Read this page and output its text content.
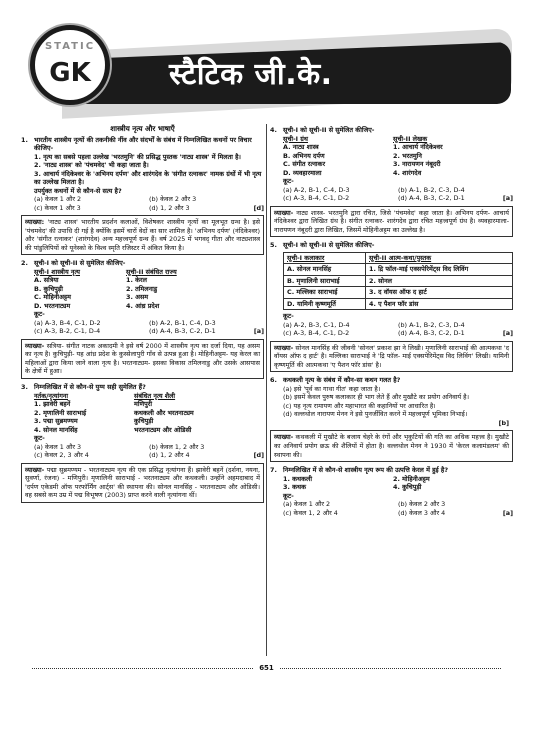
स्टैटिक जी.के.
STATIC
GK
शास्त्रीय नृत्य और भाषाएँ
1. भारतीय शास्त्रीय नृत्यों की तकनीकी नींव और संदर्भों के संबंध में निम्नलिखित कथनों पर विचार कीजिए-
1. नृत्य का सबसे पहला उल्लेख 'भरतमुनि' की प्रसिद्ध पुस्तक 'नाट्य शास्त्र' में मिलता है।
2. 'नाट्य शास्त्र' को 'पंचमवेद' भी कहा जाता है।
3. आचार्य नंदिकेश्वर के 'अभिनय दर्पण' और शारंगदेव के 'संगीत रत्नाकर' नामक ग्रंथों में भी नृत्य का उल्लेख मिलता है।
उपर्युक्त कथनों में से कौन-से सत्य है?
(a) केवल 1 और 2	(b) केवल 2 और 3
(c) केवल 1 और 3	(d) 1, 2 और 3	[d]
व्याख्या: 'नाट्य शास्त्र' भारतीय प्रदर्शन कलाओं, विशेषकर शास्त्रीय नृत्यों का मूलभूत ग्रन्थ है। इसे 'पंचमवेद' की उपाधि दी गई है क्योंकि इसमें चारों वेदों का सार शामिल है। 'अभिनय दर्पण' (नंदिकेश्वर) और 'संगीत रत्नाकर' (शारंगदेव) अन्य महत्त्वपूर्ण ग्रन्थ हैं। वर्ष 2025 में भगवद् गीता और नाट्यशास्त्र की पांडुलिपियों को यूनेस्को के विश्व स्मृति रजिस्टर में अंकित किया है।
2. सूची-I को सूची-II से सुमेलित कीजिए-
सूची-I शास्त्रीय नृत्य	सूची-II संबंधित राज्य
A. सत्रिया	1. केरल
B. कुचिपुड़ी	2. तमिलनाडु
C. मोहिनीअट्टम	3. असम
D. भरतनाट्यम	4. आंध्र प्रदेश
कूट-
(a) A-3, B-4, C-1, D-2	(b) A-2, B-1, C-4, D-3
(c) A-3, B-2, C-1, D-4	(d) A-4, B-3, C-2, D-1	[a]
व्याख्या- सत्रिया- संगीत नाटक अकादमी ने इसे वर्ष 2000 में शास्त्रीय नृत्य का दर्जा दिया, यह असम का नृत्य है। कुचिपुड़ी- यह आंध्र प्रदेश के कुस्सेलापुरी गाँव से उत्पन्न हुआ है। मोहिनीअट्टम- यह केरल का महिलाओं द्वारा किया जाने वाला नृत्य है। भरतनाट्यम- इसका विकास तमिलनाडु और उसके आसपास के क्षेत्रों में हुआ।
3. निम्नलिखित में से कौन-से युग्म सही सुमेलित हैं?
नर्तक/नृत्यांगना	संबंधित नृत्य शैली
1. झावेरी बहनें	मणिपुरी
2. मृणालिनी साराभाई	कथकली और भरतनाट्यम
3. पद्मा सुब्रमण्यम	कुचिपुड़ी
4. सोनल मानसिंह	भरतनाट्यम और ओडिसी
कूट-
(a) केवल 1 और 3	(b) केवल 1, 2 और 3
(c) केवल 2, 3 और 4	(d) 1, 2 और 4	[d]
व्याख्या- पद्मा सुब्रमण्यम - भरतनाट्यम नृत्य की एक प्रसिद्ध नृत्यांगना हैं। झावेरी बहनें (दर्शना, नयना, सुवर्णा, रंजना) - मणिपुरी। मृणालिनी साराभाई - भरतनाट्यम और कथकली। उन्होंने अहमदाबाद में 'दर्पण एकेडमी ऑफ परफॉर्मिंग आर्ट्स' की स्थापना की। सोनल मानसिंह - भरतनाट्यम और ओडिसी। वह सबसे कम उम्र में पद्म विभूषण (2003) प्राप्त करने वाली नृत्यांगना थीं।
4. सूची-I को सूची-II से सुमेलित कीजिए-
सूची-I ग्रंथ	सूची-II लेखक
A. नाट्य शास्त्र	1. आचार्य नंदिकेश्वर
B. अभिनय दर्पण	2. भरतमुनि
C. संगीत रत्नाकर	3. नारायणन नंबूदरी
D. व्यवहारमाला	4. शारंगदेव
कूट-
(a) A-2, B-1, C-4, D-3	(b) A-1, B-2, C-3, D-4
(c) A-3, B-4, C-1, D-2	(d) A-4, B-3, C-2, D-1	[a]
व्याख्या- नाट्य शास्त्र- भरतमुनि द्वारा रचित, जिसे 'पंचमवेद' कहा जाता है। अभिनय दर्पण- आचार्य नंदिकेश्वर द्वारा लिखित ग्रंथ है। संगीत रत्नाकर- शारंगदेव द्वारा रचित महत्त्वपूर्ण ग्रंथ है। व्यवहारमाला- नारायणन नंबूदरी द्वारा लिखित, जिसमें मोहिनीअट्टम का उल्लेख है।
5. सूची-I को सूची-II से सुमेलित कीजिए-
सूची-I कलाकार	सूची-II आत्म-कथा/पुस्तक
A. सोनल मानसिंह	1. द्रि फॉल-माई एक्सपेरिमेंट्स विद लिविंग
B. मृणालिनी साराभाई	2. सोनल
C. मल्लिका साराभाई	3. द वॉयस ऑफ द हार्ट
D. यामिनी कृष्णमूर्ति	4. ए पैशन फॉर डांस
कूट-
(a) A-2, B-3, C-1, D-4	(b) A-1, B-2, C-3, D-4
(c) A-3, B-4, C-1, D-2	(d) A-4, B-3, C-2, D-1	[a]
व्याख्या- सोनल मानसिंह की जीवनी 'सोनल' प्रकाश झा ने लिखी। मृणालिनी साराभाई की आत्मकथा 'द वॉयस ऑफ द हार्ट' है। मल्लिका साराभाई ने 'द्रि फॉल- माई एक्सपेरिमेंट्स विद लिविंग' लिखी। यामिनी कृष्णमूर्ति की आत्मकथा 'ए पैशन फॉर डांस' है।
6. कथकली नृत्य के संबंध में कौन-सा कथन गलत है?
(a) इसे 'पूर्व का गाथा गीत' कहा जाता है।
(b) इसमें केवल पुरुष कलाकार ही भाग लेते हैं और मुखौटे का प्रयोग अनिवार्य है।
(c) यह नृत्य रामायण और महाभारत की कहानियों पर आधारित है।
(d) वल्लथोल नारायण मेनन ने इसे पुनर्जीवित करने में महत्त्वपूर्ण भूमिका निभाई।
[b]
व्याख्या- कथकली में मुखौटे के बजाय चेहरे के रंगों और भृकुटियों की गति का अधिक महत्त्व है। मुखौटे का अनिवार्य प्रयोग छऊ की शैलियों में होता है। वल्लथोल मेनन ने 1930 में 'केरल कलामंडलम' की स्थापना की।
7. निम्नलिखित में से कौन-से शास्त्रीय नृत्य रूप की उत्पत्ति केरल में हुई है?
1. कथकली	2. मोहिनीअट्टम
3. कथक	4. कुचिपुड़ी
कूट-
(a) केवल 1 और 2	(b) केवल 2 और 3
(c) केवल 1, 2 और 4	(d) केवल 3 और 4	[a]
651
